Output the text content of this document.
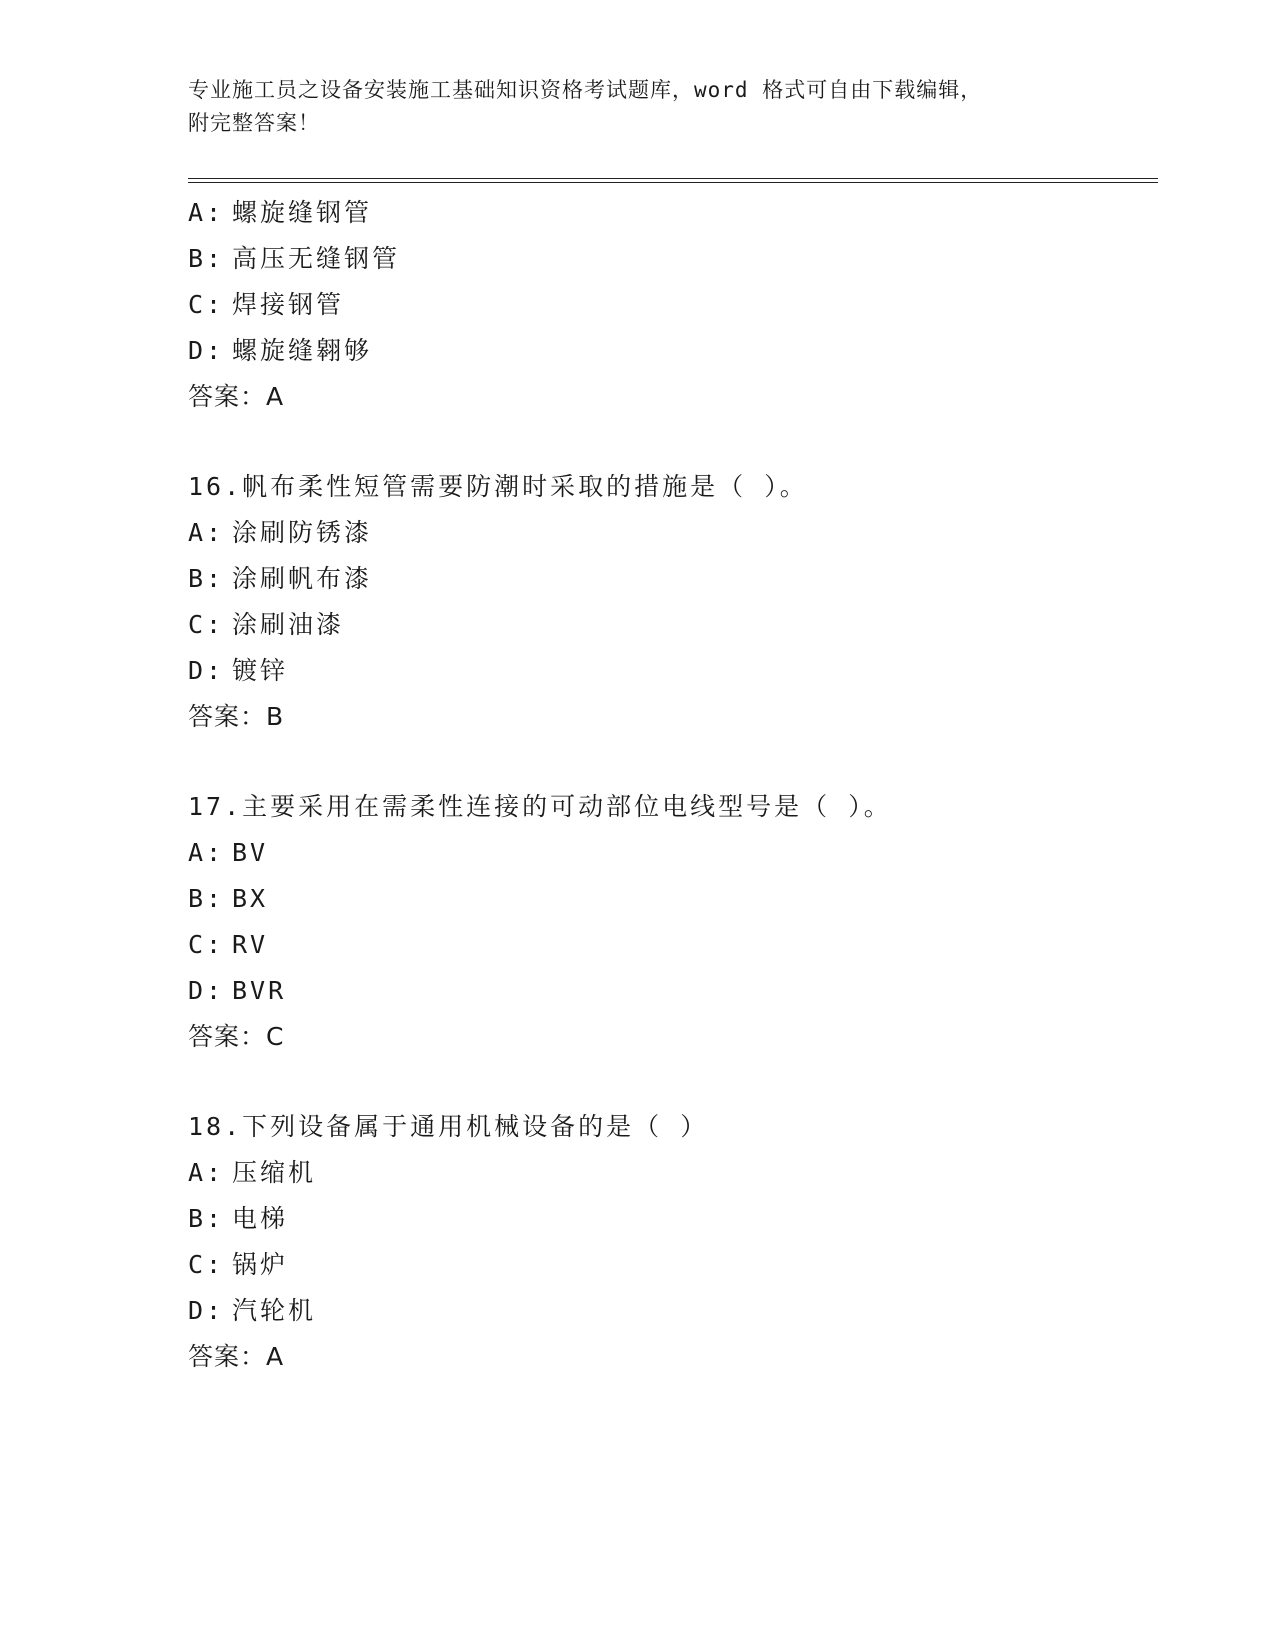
专业施工员之设备安装施工基础知识资格考试题库，word 格式可自由下载编辑，
附完整答案！
A: 螺旋缝钢管
B: 高压无缝钢管
C: 焊接钢管
D: 螺旋缝翱够
答案：A
16.帆布柔性短管需要防潮时采取的措施是（ ）。
A: 涂刷防锈漆
B: 涂刷帆布漆
C: 涂刷油漆
D: 镀锌
答案：B
17.主要采用在需柔性连接的可动部位电线型号是（ ）。
A: BV
B: BX
C: RV
D: BVR
答案：C
18.下列设备属于通用机械设备的是（ ）
A: 压缩机
B: 电梯
C: 锅炉
D: 汽轮机
答案：A
